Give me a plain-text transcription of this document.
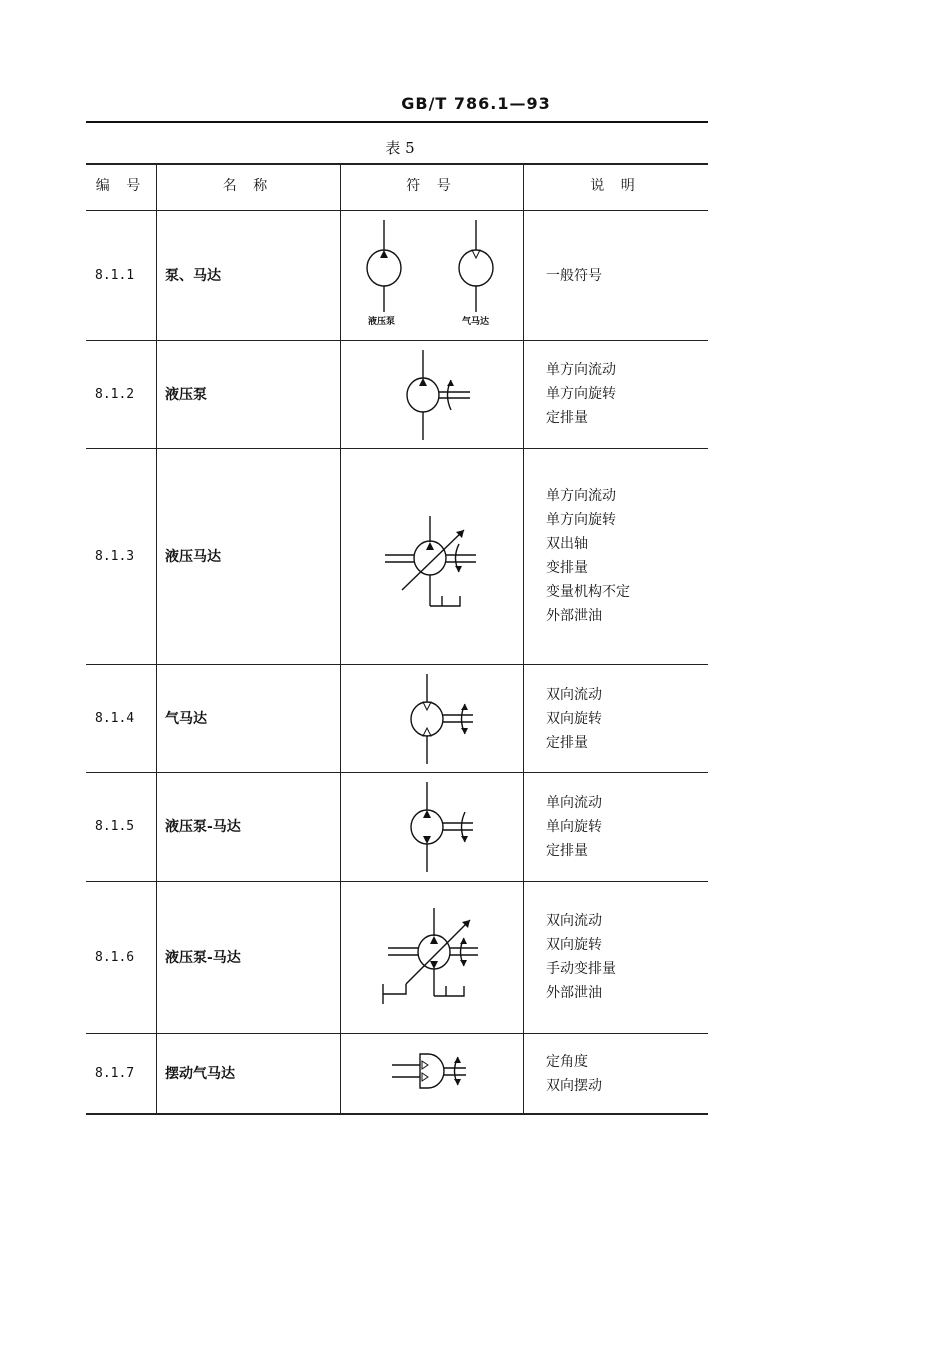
GB/T 786.1—93
表 5
编 号	名 称	符 号	说 明
8.1.1 泵、马达
液压泵	气马达
一般符号
8.1.2 液压泵
单方向流动
单方向旋转
定排量
8.1.3 液压马达
单方向流动
单方向旋转
双出轴
变排量
变量机构不定
外部泄油
8.1.4 气马达
双向流动
双向旋转
定排量
8.1.5 液压泵-马达
单向流动
单向旋转
定排量
8.1.6 液压泵-马达
双向流动
双向旋转
手动变排量
外部泄油
8.1.7 摆动气马达
定角度
双向摆动
